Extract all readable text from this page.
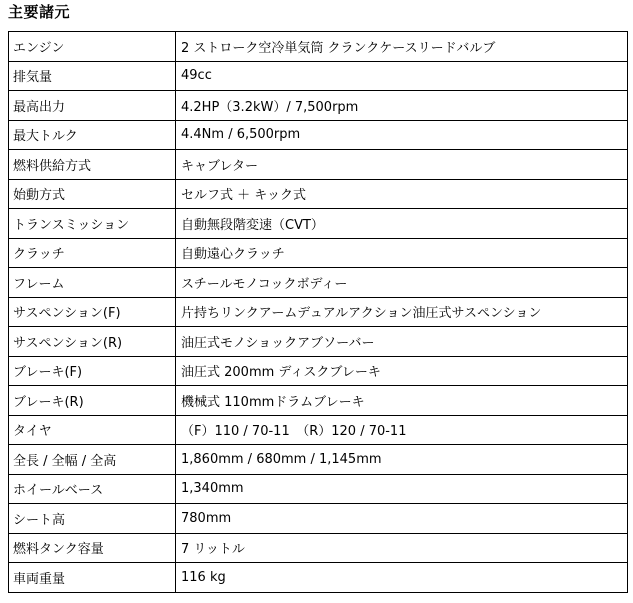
主要諸元
エンジン	2 ストローク空冷単気筒 クランクケースリードバルブ
排気量	49cc
最高出力	4.2HP（3.2kW）/ 7,500rpm
最大トルク	4.4Nm / 6,500rpm
燃料供給方式	キャブレター
始動方式	セルフ式 ＋ キック式
トランスミッション	自動無段階変速（CVT）
クラッチ	自動遠心クラッチ
フレーム	スチールモノコックボディー
サスペンション(F)	片持ちリンクアームデュアルアクション油圧式サスペンション
サスペンション(R)	油圧式モノショックアブソーバー
ブレーキ(F)	油圧式 200mm ディスクブレーキ
ブレーキ(R)	機械式 110mmドラムブレーキ
タイヤ	（F）110 / 70-11　（R）120 / 70-11
全長 / 全幅 / 全高	1,860mm / 680mm / 1,145mm
ホイールベース	1,340mm
シート高	780mm
燃料タンク容量	7 リットル
車両重量	116 kg
